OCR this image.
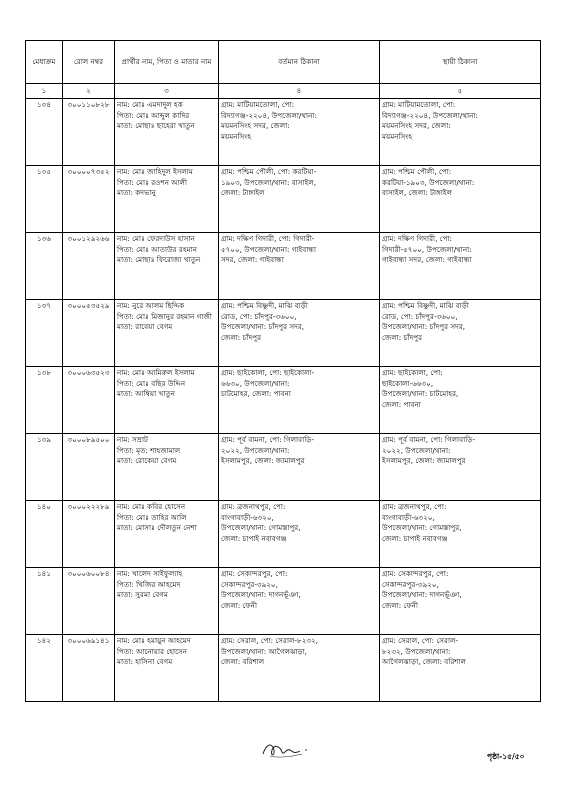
মেধাক্রম	রোল নম্বর	প্রার্থীর নাম, পিতা ও মাতার নাম	বর্তমান ঠিকানা	স্থায়ী ঠিকানা
১	২	৩	৪	৫
১৩৪	৩০০১১০৮২৮	নাম: মোঃ এমদাদুল হক
পিতা: মোঃ আব্দুল কাদির
মাতা: মোছাঃ ছাহেরা খাতুন	গ্রাম: মাটিয়ামতোলা, পো:
বিদ্যাগঞ্জ-২২০৪, উপজেলা/থানা:
ময়মনসিংহ সদর, জেলা:
ময়মনসিংহ	গ্রাম: মাটিয়ামতোলা, পো:
বিদ্যাগঞ্জ-২২০৪, উপজেলা/থানা:
ময়মনসিংহ সদর, জেলা:
ময়মনসিংহ

১৩৫	৩০০০০৭৩৫২	নাম: মোঃ জাহিদুল ইসলাম
পিতা: মোঃ রওশন আলী
মাতা: কদভানু	গ্রাম: পশ্চিম পৌলী, পো: করটিয়া-
১৯০৩, উপজেলা/থানা: বাসাইল,
জেলা: টাঙ্গাইল	গ্রাম: পশ্চিম পৌলী, পো:
করটিয়া-১৯০৩, উপজেলা/থানা:
বাসাইল, জেলা: টাঙ্গাইল

১৩৬	৩০০১২৯২৬৬	নাম: মোঃ ফেরদাউস হাসান
পিতা: মোঃ আতাউর রহমান
মাতা: মোছাঃ ফিরোজা খাতুন	গ্রাম: দক্ষিণ গিদারী, পো: গিদারী-
৫৭০০, উপজেলা/থানা: গাইবান্ধা
সদর, জেলা: গাইবান্ধা	গ্রাম: দক্ষিণ গিদারী, পো:
গিদারী-৫৭০০, উপজেলা/থানা:
গাইবান্ধা সদর, জেলা: গাইবান্ধা

১৩৭	৩০০০৫৩৫২৯	নাম: নুরে আলম ছিদ্দিক
পিতা: মোঃ মিজানুর রহমান গাজী
মাতা: রাবেয়া বেগম	গ্রাম: পশ্চিম বিষ্ণুদী, মাঝি বাড়ী
রোড, পো: চাঁদপুর-৩৬০০,
উপজেলা/থানা: চাঁদপুর সদর,
জেলা: চাঁদপুর	গ্রাম: পশ্চিম বিষ্ণুদী, মাঝি বাড়ী
রোড, পো: চাঁদপুর-৩৬০০,
উপজেলা/থানা: চাঁদপুর সদর,
জেলা: চাঁদপুর

১৩৮	৩০০০৬৩৫২৩	নাম: মোঃ আমিরুল ইসলাম
পিতা: মোঃ বছির উদ্দিন
মাতা: আম্বিয়া খাতুন	গ্রাম: ছাইকোলা, পো: ছাইকোলা-
৬৬৩০, উপজেলা/থানা:
চাটমোহর, জেলা: পাবনা	গ্রাম: ছাইকোলা, পো:
ছাইকোলা-৬৬৩০,
উপজেলা/থানা: চাটমোহর,
জেলা: পাবনা

১৩৯	৩০০০৮৯৫০০	নাম: সম্রাট
পিতা: মৃত: শাহজামাল
মাতা: রোকেয়া বেগম	গ্রাম: পূর্ব বামনা, পো: গিলাবাড়ি-
২০২২, উপজেলা/থানা:
ইসলামপুর, জেলা: জামালপুর	গ্রাম: পূর্ব বামনা, পো: গিলাবাড়ি-
২০২২, উপজেলা/থানা:
ইসলামপুর, জেলা: জামালপুর

১৪০	৩০০০২২২৮৯	নাম: মোঃ কবির হোসেন
পিতা: মোঃ তাহির আলি
মাতা: মোসাঃ দৌলতুন নেশা	গ্রাম: ব্রজনাথপুর, পো:
বাংগাবাড়ী-৬৩২০,
উপজেলা/থানা: গোমস্তাপুর,
জেলা: চাপাই নবাবগঞ্জ	গ্রাম: ব্রজনাথপুর, পো:
বাংগাবাড়ী-৬৩২০,
উপজেলা/থানা: গোমস্তাপুর,
জেলা: চাপাই নবাবগঞ্জ

১৪১	৩০০০৬০০৮৪	নাম: খালেদ সাইফুল্যাহ
পিতা: খিজির আহমেদ
মাতা: সুরমা বেগম	গ্রাম: সেকান্দরপুর, পো:
সেকান্দরপুর-৩৯২০,
উপজেলা/থানা: দাগনভূঁঞা,
জেলা: ফেনী	গ্রাম: সেকান্দরপুর, পো:
সেকান্দরপুর-৩৯২০,
উপজেলা/থানা: দাগনভূঁঞা,
জেলা: ফেনী

১৪২	৩০০০৬৯১৪১	নাম: মোঃ হমায়ুন আহমেদ
পিতা: আনোয়ার হোসেন
মাতা: হাসিনা বেগম	গ্রাম: সেরাল, পো: সেরাল-৮২৩২,
উপজেলা/থানা: আগৈলঝাড়া,
জেলা: বরিশাল	গ্রাম: সেরাল, পো: সেরাল-
৮২৩২, উপজেলা/থানা:
আগৈলঝাড়া, জেলা: বরিশাল
পৃষ্ঠা-১৫/৫০
